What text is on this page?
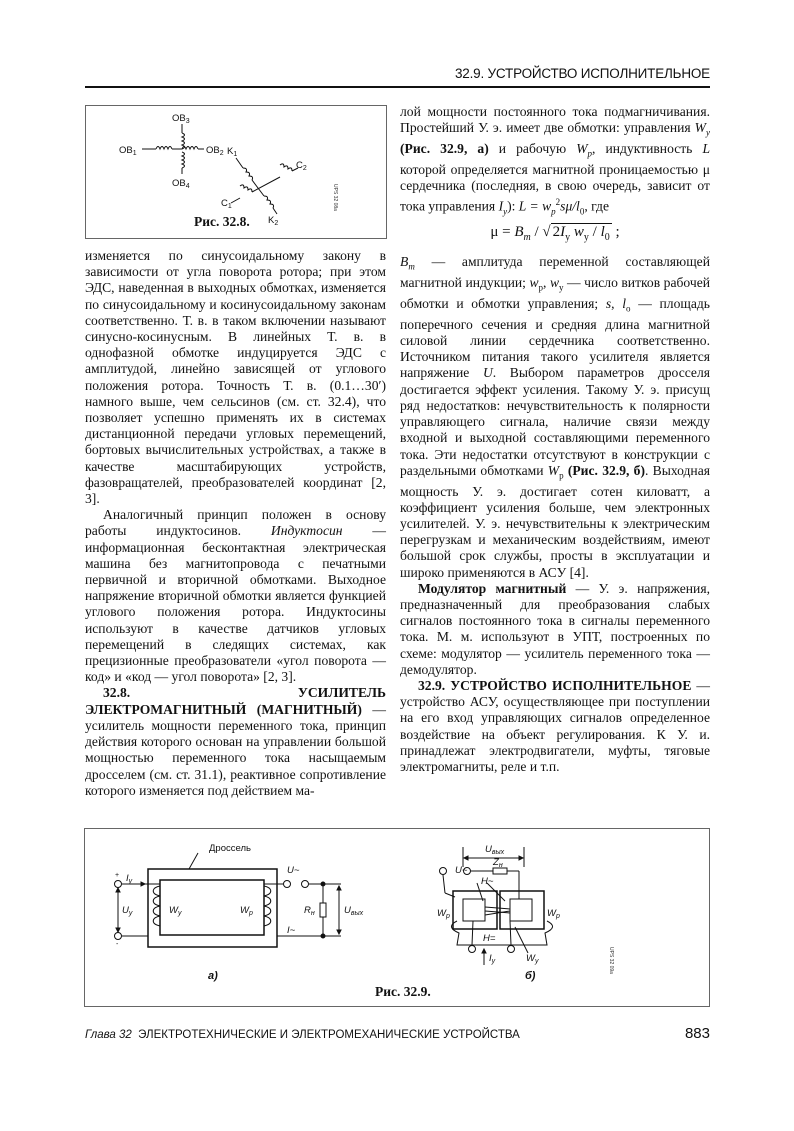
32.9. УСТРОЙСТВО ИСПОЛНИТЕЛЬНОЕ
$OB_3$
$OB_1$	$OB_2$
$OB_4$
$K_1$
$C_2$
$C_1$
$K_2$
UPS 32 08a
Рис. 32.8.

изменяется по синусоидальному закону в зависимости от угла поворота ротора; при этом ЭДС, наведенная в выходных обмотках, изменяется по синусоидальному и косинусоидальному законам соответственно. Т. в. в таком включении называют синусно-косинусным. В линейных Т. в. в однофазной обмотке индуцируется ЭДС с амплитудой, линейно зависящей от углового положения ротора. Точность Т. в. (0.1…30′) намного выше, чем сельсинов (см. ст. 32.4), что позволяет успешно применять их в системах дистанционной передачи угловых перемещений, бортовых вычислительных устройствах, а также в качестве масштабирующих устройств, фазовращателей, преобразователей координат [2, 3].

Аналогичный принцип положен в основу работы индуктосинов. Индуктосин — информационная бесконтактная электрическая машина без магнитопровода с печатными первичной и вторичной обмотками. Выходное напряжение вторичной обмотки является функцией углового положения ротора. Индуктосины используют в качестве датчиков угловых перемещений в следящих системах, как прецизионные преобразователи «угол поворота — код» и «код — угол поворота» [2, 3].

32.8. УСИЛИТЕЛЬ ЭЛЕКТРОМАГНИТНЫЙ (МАГНИТНЫЙ) — усилитель мощности переменного тока, принцип действия которого основан на управлении большой мощностью переменного тока насыщаемым дросселем (см. ст. 31.1), реактивное сопротивление которого изменяется под действием ма-

лой мощности постоянного тока подмагничивания. Простейший У. э. имеет две обмотки: управления $W_у$ (Рис. 32.9, а) и рабочую $W_р$, индуктивность L которой определяется магнитной проницаемостью μ сердечника (последняя, в свою очередь, зависит от тока управления $I_у$): $L = w_р^2s\mu/l_0$, где

$\mu = B_m$ / √ $2I_у$ $w_у / l_0$ ;

$B_m$ — амплитуда переменной составляющей магнитной индукции; $w_р$, $w_у$ — число витков рабочей обмотки и обмотки управления; s, $l_о$ — площадь поперечного сечения и средняя длина магнитной силовой линии сердечника соответственно. Источником питания такого усилителя является напряжение U. Выбором параметров дросселя достигается эффект усиления. Такому У. э. присущ ряд недостатков: нечувствительность к полярности управляющего сигнала, наличие связи между входной и выходной составляющими переменного тока. Эти недостатки отсутствуют в конструкции с раздельными обмотками $W_р$ (Рис. 32.9, б). Выходная мощность У. э. достигает сотен киловатт, а коэффициент усиления больше, чем электронных усилителей. У. э. нечувствительны к электрическим перегрузкам и механическим воздействиям, имеют большой срок службы, просты в эксплуатации и широко применяются в АСУ [4].

Модулятор магнитный — У. э. напряжения, предназначенный для преобразования слабых сигналов постоянного тока в сигналы переменного тока. М. м. используют в УПТ, построенных по схеме: модулятор — усилитель переменного тока — демодулятор.

32.9. УСТРОЙСТВО ИСПОЛНИТЕЛЬНОЕ — устройство АСУ, осуществляющее при поступлении на его вход управляющих сигналов определенное воздействие на объект регулирования. К У. и. принадлежат электродвигатели, муфты, тяговые электромагниты, реле и т.п.

Дроссель
+
-
$I_у$
$U_у$	$W_у$	$W_р$
U~
I~
$R_н$	$U_{вых}$
$U_{вых}$
$Z_н$
U~
H~
H=
$W_р$	$W_р$
$I_у$	$W_у$
а)	б)
UPS 32 09a
Рис. 32.9.
Глава 32 ЭЛЕКТРОТЕХНИЧЕСКИЕ И ЭЛЕКТРОМЕХАНИЧЕСКИЕ УСТРОЙСТВА	883
